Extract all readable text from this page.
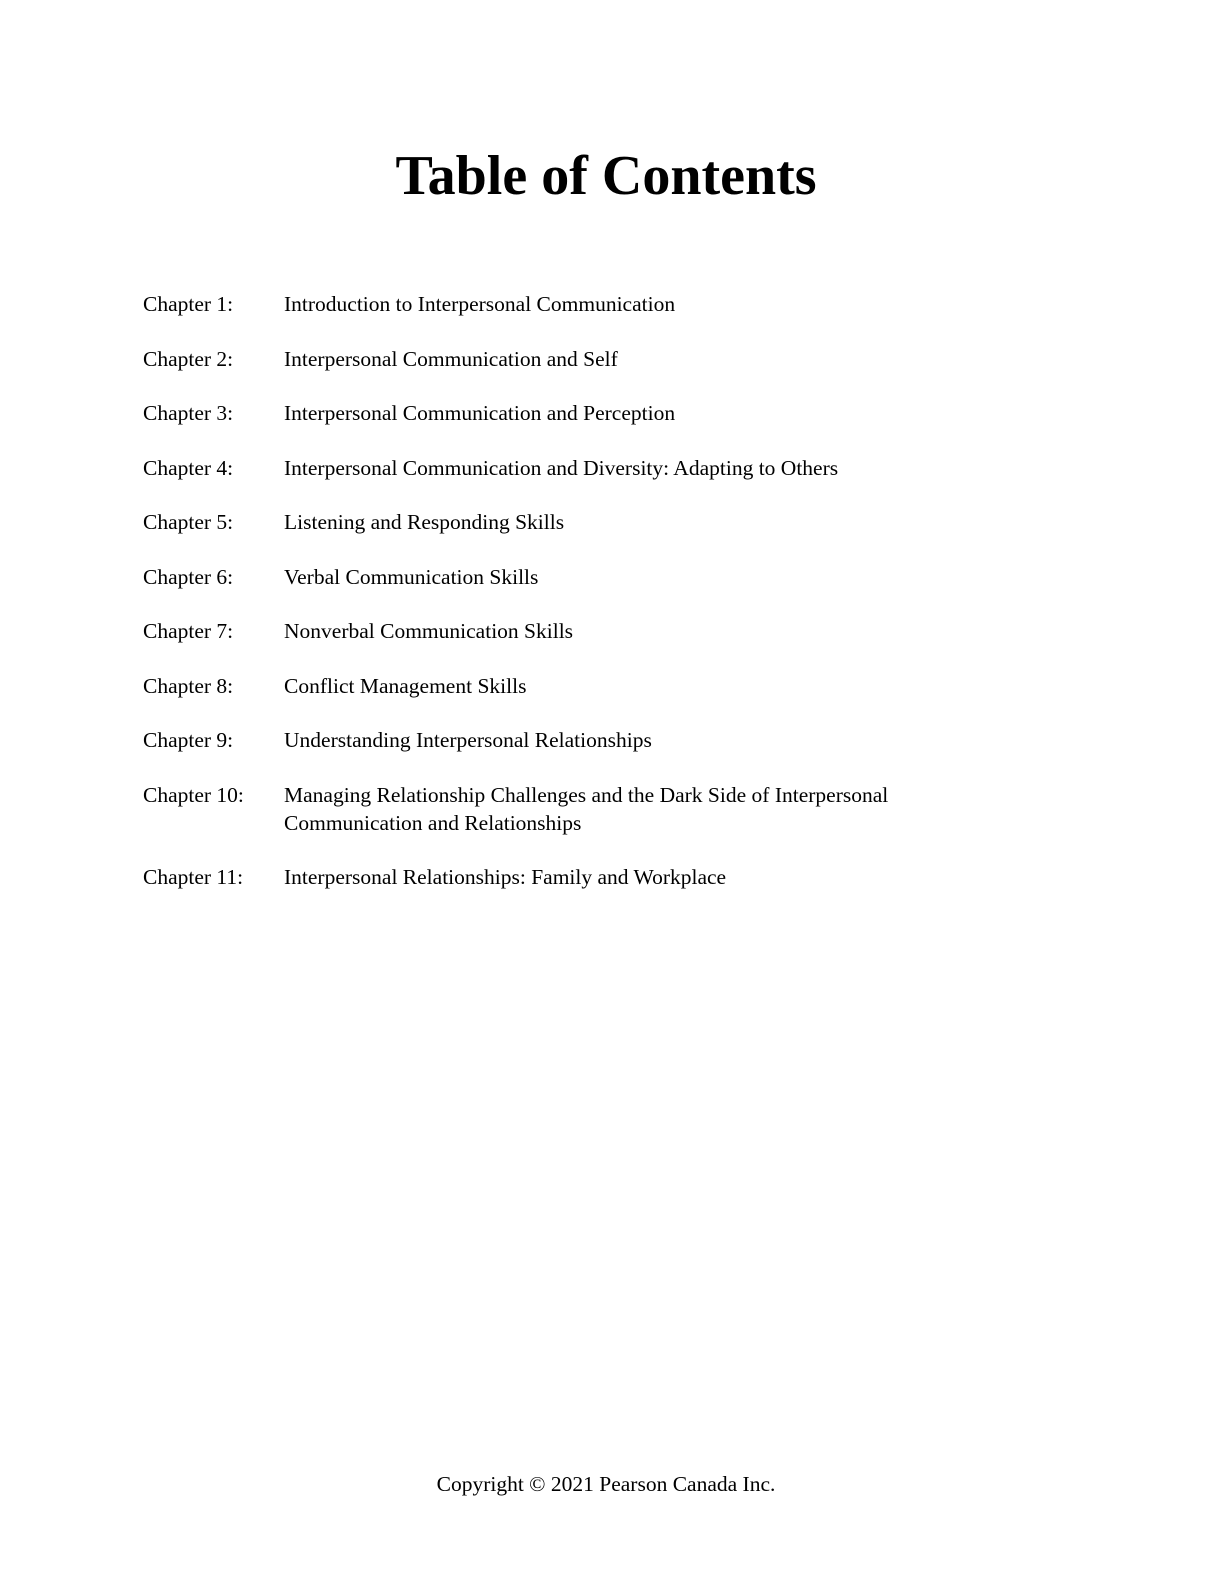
Table of Contents
Chapter 1:	Introduction to Interpersonal Communication
Chapter 2:	Interpersonal Communication and Self
Chapter 3:	Interpersonal Communication and Perception
Chapter 4:	Interpersonal Communication and Diversity: Adapting to Others
Chapter 5:	Listening and Responding Skills
Chapter 6:	Verbal Communication Skills
Chapter 7:	Nonverbal Communication Skills
Chapter 8:	Conflict Management Skills
Chapter 9:	Understanding Interpersonal Relationships
Chapter 10:	Managing Relationship Challenges and the Dark Side of Interpersonal Communication and Relationships
Chapter 11:	Interpersonal Relationships: Family and Workplace
Copyright © 2021 Pearson Canada Inc.
